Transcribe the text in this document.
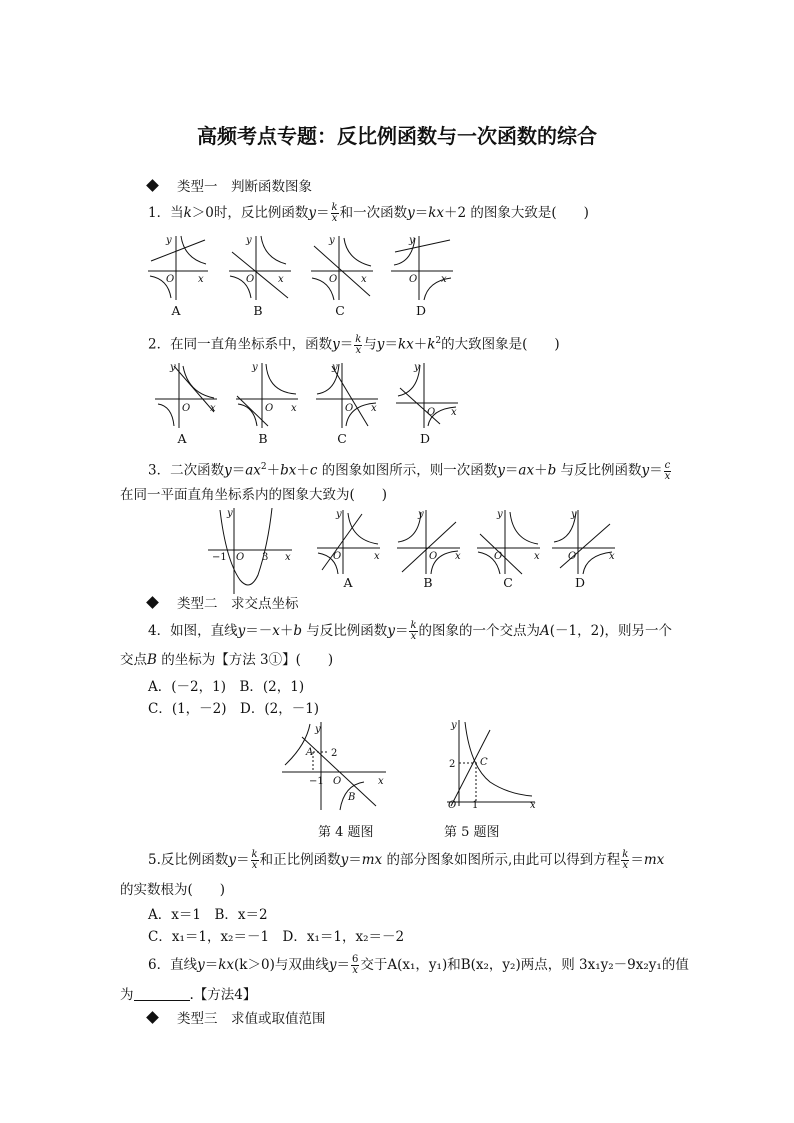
高频考点专题：反比例函数与一次函数的综合
类型一　判断函数图象
1．当k＞0时，反比例函数$y= \frac{k}{x}$ 和一次函数y＝kx＋2 的图象大致是(　　)
y
O x
y
O x
y
O x
y
O x
y
O x
y
O x
y
O x
y
O x
y
−1 O 3 x
y
O	x
y
O x
y
O	x
y
O	x
y
A 2
−1 O	x
B
y
2 C
O 1	x
A	B	C	D
2．在同一直角坐标系中，函数$y= \frac{k}{x}$ 与$y=kx+k^2$的大致图象是(　　)
A	B	C	D
3．二次函数$y=ax^2+bx+c$ 的图象如图所示，则一次函数y＝ax＋b 与反比例函数$y= \frac{c}{x}$
在同一平面直角坐标系内的图象大致为(　　)
A	B	C	D
类型二　求交点坐标
4．如图，直线y＝－x＋b 与反比例函数$y= \frac{k}{x}$ 的图象的一个交点为A(－1，2)，则另一个
交点B 的坐标为【方法 3①】(　　)
A．(－2，1)　B．(2，1)
C．(1，－2)　D．(2，－1)
第 4 题图	第 5 题图
5.反比例函数$y= \frac{k}{x}$ 和正比例函数y＝mx 的部分图象如图所示,由此可以得到方程 $\frac{k}{x} =mx$
的实数根为(　　)
A．x＝1　B．x＝2
C．x₁＝1，x₂＝－1　D．x₁＝1，x₂＝－2
6．直线y＝kx(k＞0)与双曲线$y= \frac{6}{x}$ 交于A(x₁，y₁)和B(x₂，y₂)两点，则 3x₁y₂－9x₂y₁的值
为	.【方法4】
类型三　求值或取值范围
